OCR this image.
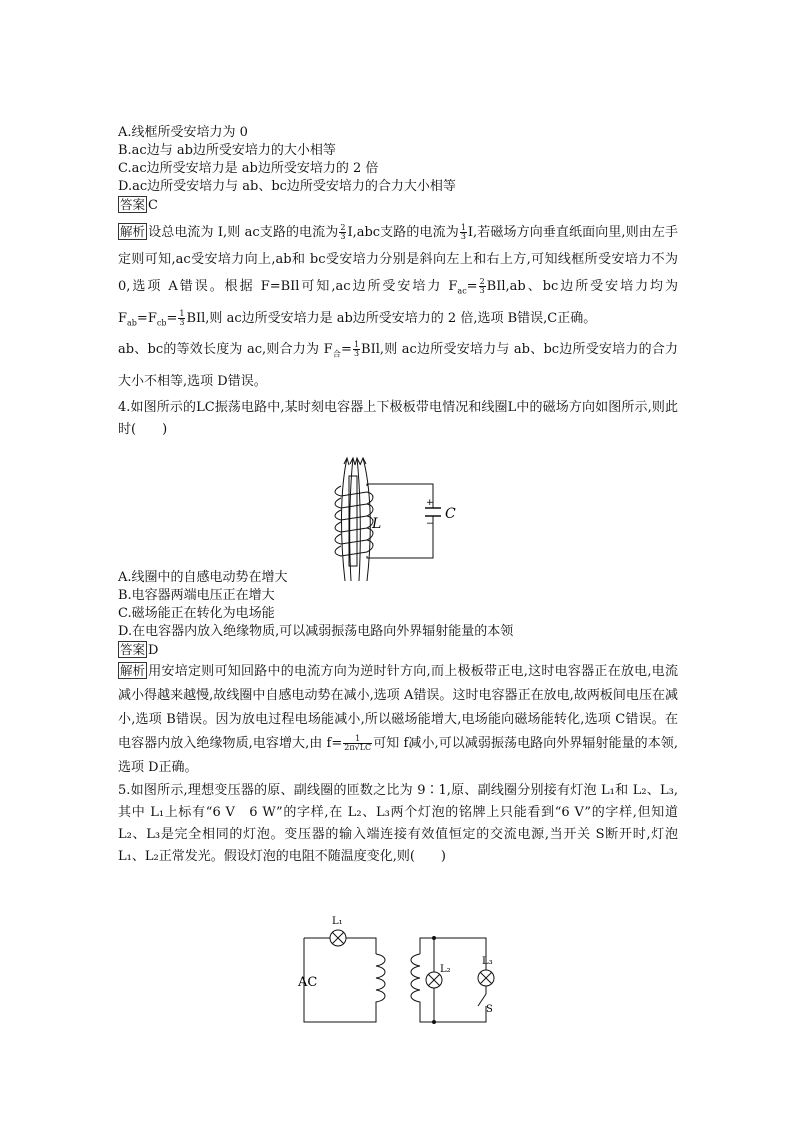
A.线框所受安培力为 0
B.ac边与 ab边所受安培力的大小相等
C.ac边所受安培力是 ab边所受安培力的 2 倍
D.ac边所受安培力与 ab、bc边所受安培力的合力大小相等
答案 C
解析 设总电流为 I,则 ac支路的电流为 $\frac{2}{3} I,abc$支路的电流为 $\frac{1}{3} I$,若磁场方向垂直纸面向里,则由左手定则可知,ac受安培力向上,ab和 bc受安培力分别是斜向左上和右上方,可知线框所受安培力不为 0,选项 A错误。根据 F=BIl可知,ac边所受安培力 $F_{ac}= \frac{2}{3} BIl,ab$、bc边所受安培力均为 $F_{ab}=F_{cb}= \frac{1}{3}$ BIl,则 ac边所受安培力是 ab边所受安培力的 2 倍,选项 B错误,C正确。
ab、bc的等效长度为 ac,则合力为 $F_合= \frac{1}{3}$ BIl,则 ac边所受安培力与 ab、bc边所受安培力的合力大小不相等,选项 D错误。
4.如图所示的LC振荡电路中,某时刻电容器上下极板带电情况和线圈L中的磁场方向如图所示,则此时(　　)
A.线圈中的自感电动势在增大
B.电容器两端电压正在增大
C.磁场能正在转化为电场能
D.在电容器内放入绝缘物质,可以减弱振荡电路向外界辐射能量的本领
答案 D
解析 用安培定则可知回路中的电流方向为逆时针方向,而上极板带正电,这时电容器正在放电,电流减小得越来越慢,故线圈中自感电动势在减小,选项 A错误。这时电容器正在放电,故两板间电压在减小,选项 B错误。因为放电过程电场能减小,所以磁场能增大,电场能向磁场能转化,选项 C错误。在电容器内放入绝缘物质,电容增大,由 $f= \frac{1}{2\pi√LC}$ 可知 f减小,可以减弱振荡电路向外界辐射能量的本领,选项 D正确。
5.如图所示,理想变压器的原、副线圈的匝数之比为 9∶1,原、副线圈分别接有灯泡 L₁和 L₂、L₃,其中 L₁上标有“6 V　6 W”的字样,在 L₂、L₃两个灯泡的铭牌上只能看到“6 V”的字样,但知道 L₂、L₃是完全相同的灯泡。变压器的输入端连接有效值恒定的交流电源,当开关 S断开时,灯泡 L₁、L₂正常发光。假设灯泡的电阻不随温度变化,则(　　)
L
C
+
−
AC
L₁
L₂
L₃
S
